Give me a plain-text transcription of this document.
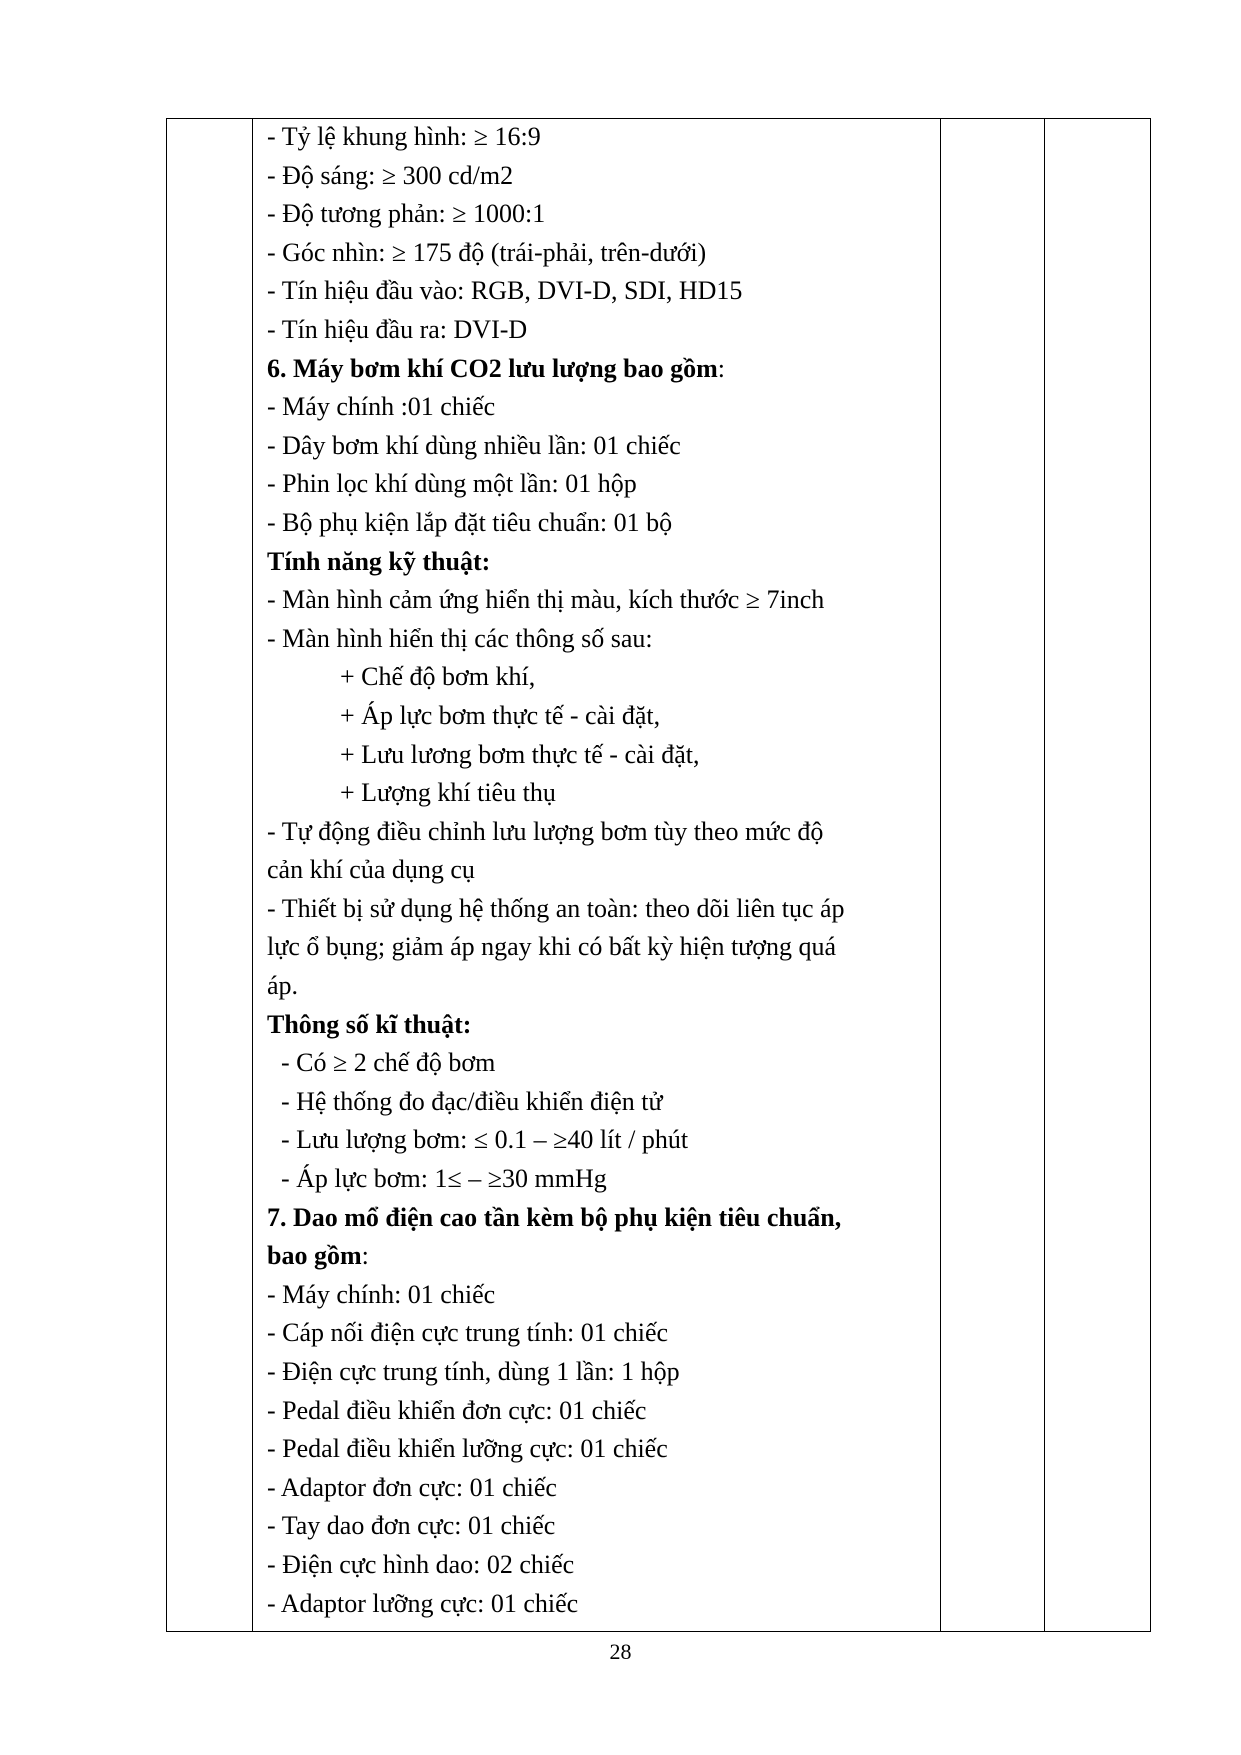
- Tỷ lệ khung hình: ≥ 16:9
- Độ sáng: ≥ 300 cd/m2
- Độ tương phản: ≥ 1000:1
- Góc nhìn: ≥ 175 độ (trái-phải, trên-dưới)
- Tín hiệu đầu vào: RGB, DVI-D, SDI, HD15
- Tín hiệu đầu ra: DVI-D
6. Máy bơm khí CO2 lưu lượng bao gồm:
- Máy chính :01 chiếc
- Dây bơm khí dùng nhiều lần: 01 chiếc
- Phin lọc khí dùng một lần: 01 hộp
- Bộ phụ kiện lắp đặt tiêu chuẩn: 01 bộ
Tính năng kỹ thuật:
- Màn hình cảm ứng hiển thị màu, kích thước ≥ 7inch
- Màn hình hiển thị các thông số sau:
+ Chế độ bơm khí,
+ Áp lực bơm thực tế - cài đặt,
+ Lưu lương bơm thực tế - cài đặt,
+ Lượng khí tiêu thụ
- Tự động điều chỉnh lưu lượng bơm tùy theo mức độ
cản khí của dụng cụ
- Thiết bị sử dụng hệ thống an toàn: theo dõi liên tục áp
lực ổ bụng; giảm áp ngay khi có bất kỳ hiện tượng quá
áp.
Thông số kĩ thuật:
- Có ≥ 2 chế độ bơm
- Hệ thống đo đạc/điều khiển điện tử
- Lưu lượng bơm: ≤ 0.1 – ≥40 lít / phút
- Áp lực bơm: 1≤ – ≥30 mmHg
7. Dao mổ điện cao tần kèm bộ phụ kiện tiêu chuẩn,
bao gồm:
- Máy chính: 01 chiếc
- Cáp nối điện cực trung tính: 01 chiếc
- Điện cực trung tính, dùng 1 lần: 1 hộp
- Pedal điều khiển đơn cực: 01 chiếc
- Pedal điều khiển lưỡng cực: 01 chiếc
- Adaptor đơn cực: 01 chiếc
- Tay dao đơn cực: 01 chiếc
- Điện cực hình dao: 02 chiếc
- Adaptor lưỡng cực: 01 chiếc
28
